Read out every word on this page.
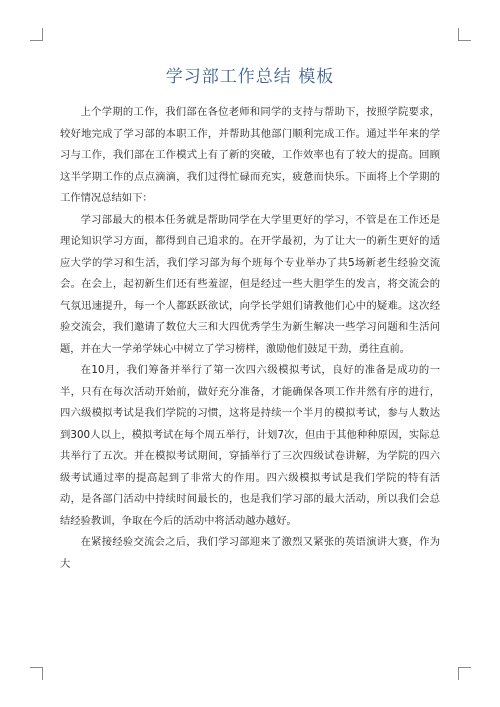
学习部工作总结 模板

上个学期的工作，我们部在各位老师和同学的支持与帮助下，按照学院要求，较好地完成了学习部的本职工作，并帮助其他部门顺利完成工作。通过半年来的学习与工作，我们部在工作模式上有了新的突破，工作效率也有了较大的提高。回顾这半学期工作的点点滴滴，我们过得忙碌而充实，疲惫而快乐。下面将上个学期的工作情况总结如下：

学习部最大的根本任务就是帮助同学在大学里更好的学习，不管是在工作还是理论知识学习方面，都得到自己追求的。在开学最初，为了让大一的新生更好的适应大学的学习和生活，我们学习部为每个班每个专业举办了共5场新老生经验交流会。在会上，起初新生们还有些羞涩，但是经过一些大胆学生的发言，将交流会的气氛迅速提升，每一个人都跃跃欲试，向学长学姐们请教他们心中的疑难。这次经验交流会，我们邀请了数位大三和大四优秀学生为新生解决一些学习问题和生活问题，并在大一学弟学妹心中树立了学习榜样，激励他们鼓足干劲，勇往直前。

在10月，我们筹备并举行了第一次四六级模拟考试，良好的准备是成功的一半，只有在每次活动开始前，做好充分准备，才能确保各项工作井然有序的进行，四六级模拟考试是我们学院的习惯，这将是持续一个半月的模拟考试，参与人数达到300人以上，模拟考试在每个周五举行，计划7次，但由于其他种种原因，实际总共举行了五次。并在模拟考试期间，穿插举行了三次四级试卷讲解，为学院的四六级考试通过率的提高起到了非常大的作用。四六级模拟考试是我们学院的特有活动，是各部门活动中持续时间最长的，也是我们学习部的最大活动，所以我们会总结经验教训，争取在今后的活动中将活动越办越好。

在紧接经验交流会之后，我们学习部迎来了激烈又紧张的英语演讲大赛，作为大
